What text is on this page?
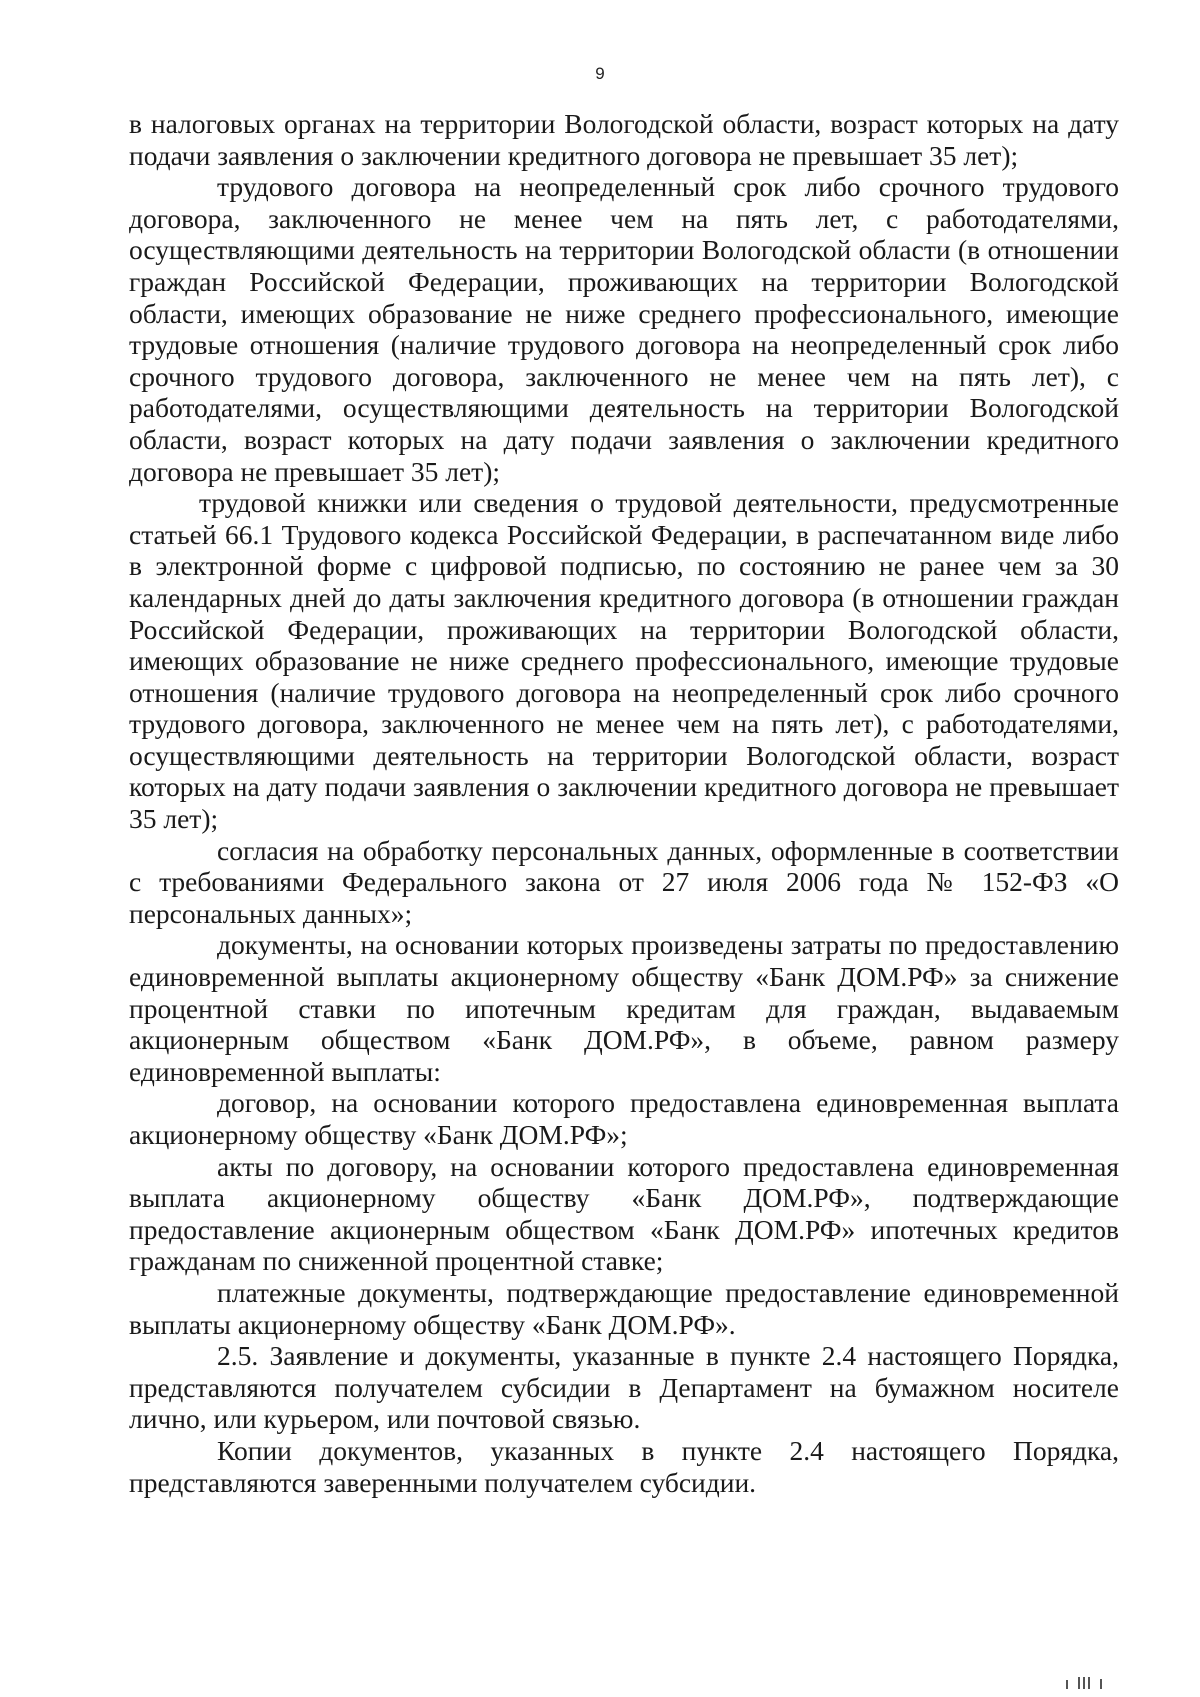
9

в налоговых органах на территории Вологодской области, возраст которых на дату подачи заявления о заключении кредитного договора не превышает 35 лет);

трудового договора на неопределенный срок либо срочного трудового договора, заключенного не менее чем на пять лет, с работодателями, осуществляющими деятельность на территории Вологодской области (в отношении граждан Российской Федерации, проживающих на территории Вологодской области, имеющих образование не ниже среднего профессионального, имеющие трудовые отношения (наличие трудового договора на неопределенный срок либо срочного трудового договора, заключенного не менее чем на пять лет), с работодателями, осуществляющими деятельность на территории Вологодской области, возраст которых на дату подачи заявления о заключении кредитного договора не превышает 35 лет);

трудовой книжки или сведения о трудовой деятельности, предусмотренные статьей 66.1 Трудового кодекса Российской Федерации, в распечатанном виде либо в электронной форме с цифровой подписью, по состоянию не ранее чем за 30 календарных дней до даты заключения кредитного договора (в отношении граждан Российской Федерации, проживающих на территории Вологодской области, имеющих образование не ниже среднего профессионального, имеющие трудовые отношения (наличие трудового договора на неопределенный срок либо срочного трудового договора, заключенного не менее чем на пять лет), с работодателями, осуществляющими деятельность на территории Вологодской области, возраст которых на дату подачи заявления о заключении кредитного договора не превышает 35 лет);

согласия на обработку персональных данных, оформленные в соответствии с требованиями Федерального закона от 27 июля 2006 года № 152-ФЗ «О персональных данных»;

документы, на основании которых произведены затраты по предоставлению единовременной выплаты акционерному обществу «Банк ДОМ.РФ» за снижение процентной ставки по ипотечным кредитам для граждан, выдаваемым акционерным обществом «Банк ДОМ.РФ», в объеме, равном размеру единовременной выплаты:

договор, на основании которого предоставлена единовременная выплата акционерному обществу «Банк ДОМ.РФ»;

акты по договору, на основании которого предоставлена единовременная выплата акционерному обществу «Банк ДОМ.РФ», подтверждающие предоставление акционерным обществом «Банк ДОМ.РФ» ипотечных кредитов гражданам по сниженной процентной ставке;

платежные документы, подтверждающие предоставление единовременной выплаты акционерному обществу «Банк ДОМ.РФ».

2.5. Заявление и документы, указанные в пункте 2.4 настоящего Порядка, представляются получателем субсидии в Департамент на бумажном носителе лично, или курьером, или почтовой связью.

Копии документов, указанных в пункте 2.4 настоящего Порядка, представляются заверенными получателем субсидии.
